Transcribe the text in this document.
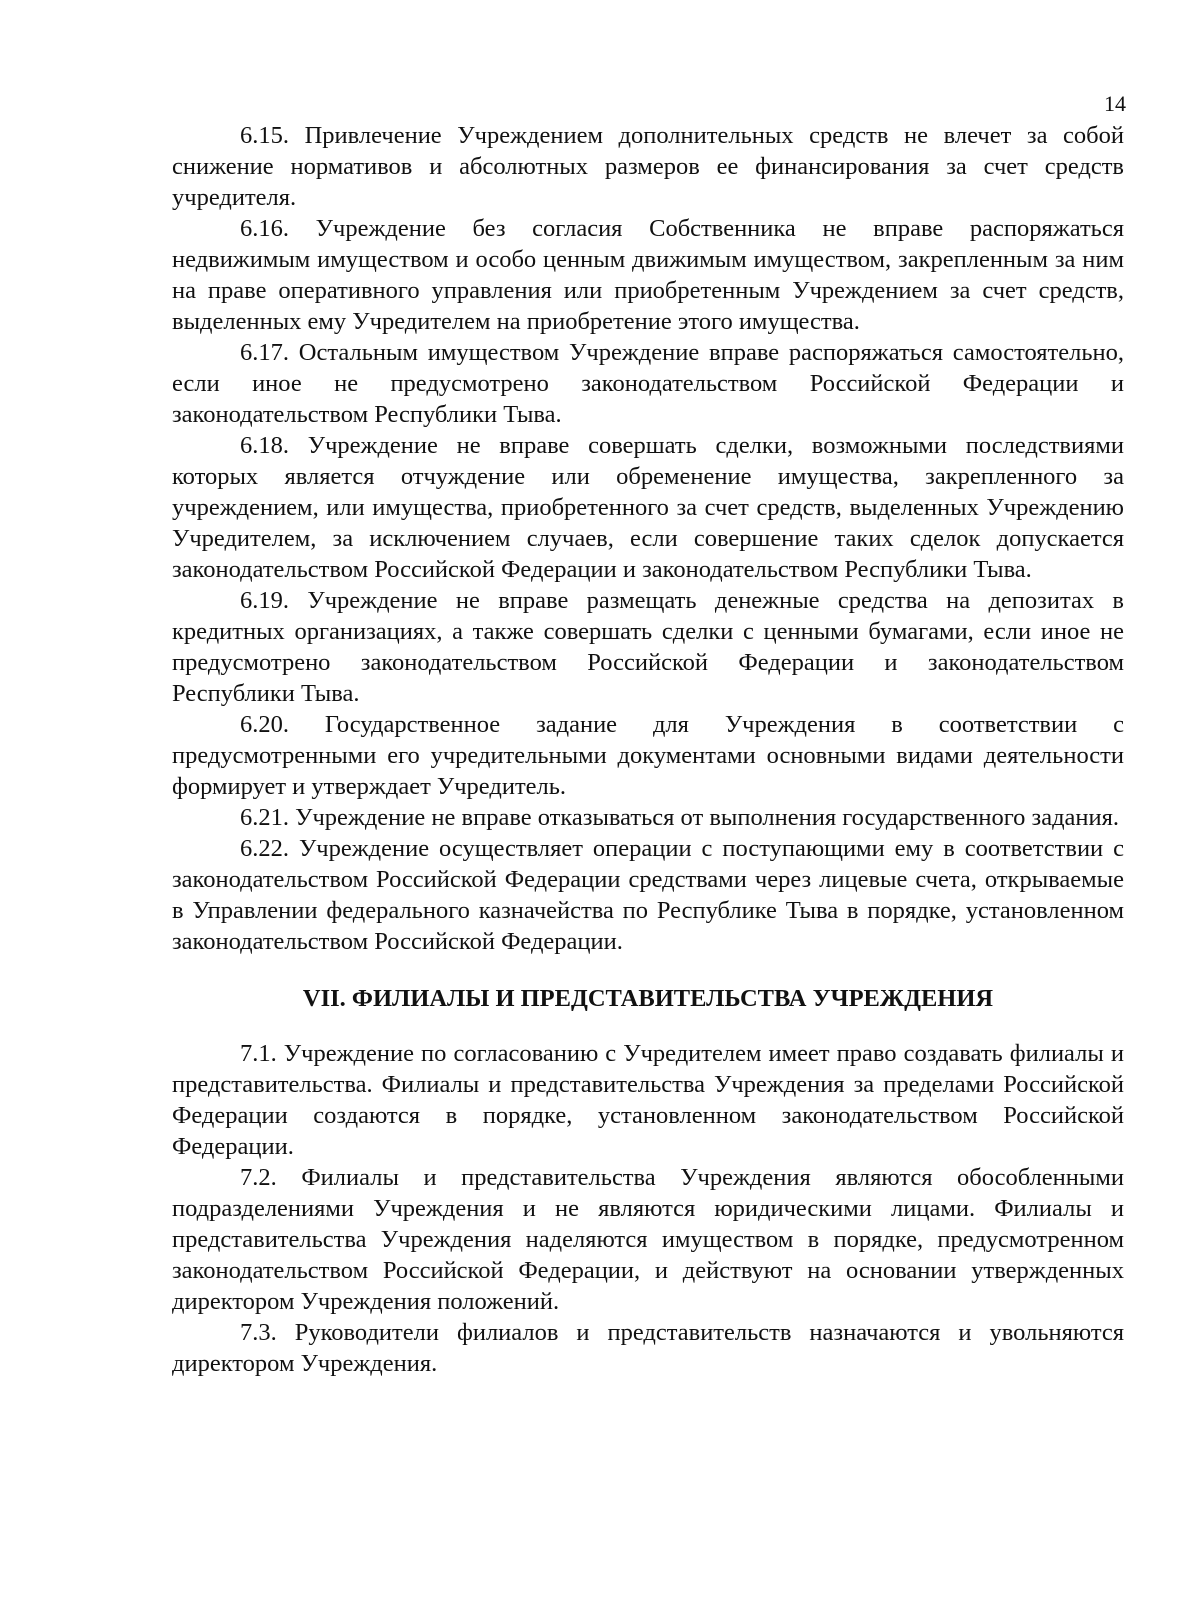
14

6.15. Привлечение Учреждением дополнительных средств не влечет за собой снижение нормативов и абсолютных размеров ее финансирования за счет средств учредителя.

6.16. Учреждение без согласия Собственника не вправе распоряжаться недвижимым имуществом и особо ценным движимым имуществом, закрепленным за ним на праве оперативного управления или приобретенным Учреждением за счет средств, выделенных ему Учредителем на приобретение этого имущества.

6.17. Остальным имуществом Учреждение вправе распоряжаться самостоятельно, если иное не предусмотрено законодательством Российской Федерации и законодательством Республики Тыва.

6.18. Учреждение не вправе совершать сделки, возможными последствиями которых является отчуждение или обременение имущества, закрепленного за учреждением, или имущества, приобретенного за счет средств, выделенных Учреждению Учредителем, за исключением случаев, если совершение таких сделок допускается законодательством Российской Федерации и законодательством Республики Тыва.

6.19. Учреждение не вправе размещать денежные средства на депозитах в кредитных организациях, а также совершать сделки с ценными бумагами, если иное не предусмотрено законодательством Российской Федерации и законодательством Республики Тыва.

6.20. Государственное задание для Учреждения в соответствии с предусмотренными его учредительными документами основными видами деятельности формирует и утверждает Учредитель.

6.21. Учреждение не вправе отказываться от выполнения государственного задания.

6.22. Учреждение осуществляет операции с поступающими ему в соответствии с законодательством Российской Федерации средствами через лицевые счета, открываемые в Управлении федерального казначейства по Республике Тыва в порядке, установленном законодательством Российской Федерации.

VII. ФИЛИАЛЫ И ПРЕДСТАВИТЕЛЬСТВА УЧРЕЖДЕНИЯ

7.1. Учреждение по согласованию с Учредителем имеет право создавать филиалы и представительства. Филиалы и представительства Учреждения за пределами Российской Федерации создаются в порядке, установленном законодательством Российской Федерации.

7.2. Филиалы и представительства Учреждения являются обособленными подразделениями Учреждения и не являются юридическими лицами. Филиалы и представительства Учреждения наделяются имуществом в порядке, предусмотренном законодательством Российской Федерации, и действуют на основании утвержденных директором Учреждения положений.

7.3. Руководители филиалов и представительств назначаются и увольняются директором Учреждения.
